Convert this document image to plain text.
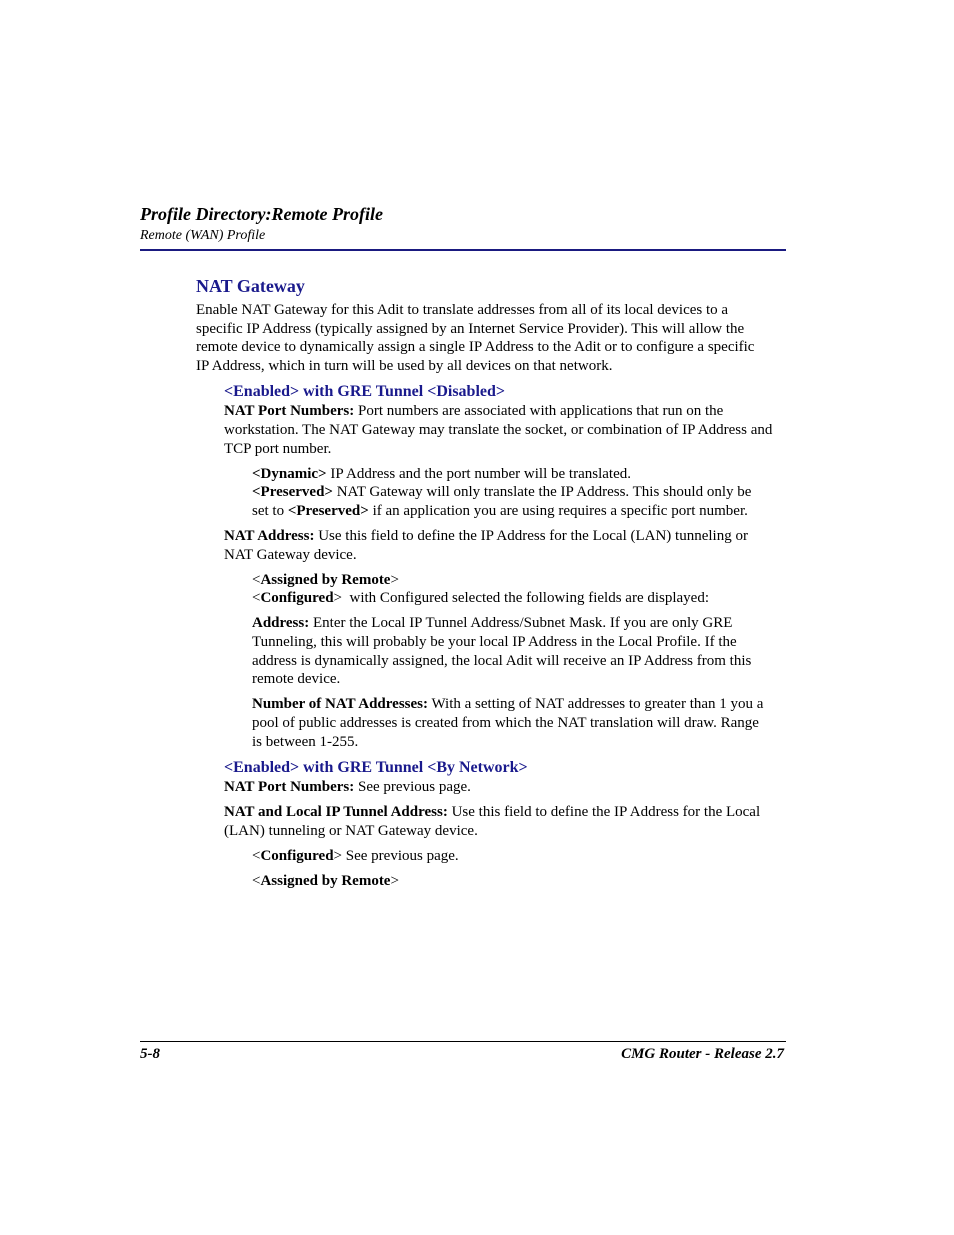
Profile Directory:Remote Profile
Remote (WAN) Profile
NAT Gateway
Enable NAT Gateway for this Adit to translate addresses from all of its local devices to a
specific IP Address (typically assigned by an Internet Service Provider). This will allow the
remote device to dynamically assign a single IP Address to the Adit or to configure a specific
IP Address, which in turn will be used by all devices on that network.
<Enabled> with GRE Tunnel <Disabled>
NAT Port Numbers: Port numbers are associated with applications that run on the
workstation. The NAT Gateway may translate the socket, or combination of IP Address and
TCP port number.
<Dynamic> IP Address and the port number will be translated.
<Preserved> NAT Gateway will only translate the IP Address. This should only be
set to <Preserved> if an application you are using requires a specific port number.
NAT Address: Use this field to define the IP Address for the Local (LAN) tunneling or
NAT Gateway device.
<Assigned by Remote>
<Configured>  with Configured selected the following fields are displayed:
Address: Enter the Local IP Tunnel Address/Subnet Mask. If you are only GRE
Tunneling, this will probably be your local IP Address in the Local Profile. If the
address is dynamically assigned, the local Adit will receive an IP Address from this
remote device.
Number of NAT Addresses: With a setting of NAT addresses to greater than 1 you a
pool of public addresses is created from which the NAT translation will draw. Range
is between 1-255.
<Enabled> with GRE Tunnel <By Network>
NAT Port Numbers: See previous page.
NAT and Local IP Tunnel Address: Use this field to define the IP Address for the Local
(LAN) tunneling or NAT Gateway device.
<Configured> See previous page.
<Assigned by Remote>
5-8	CMG Router - Release 2.7
